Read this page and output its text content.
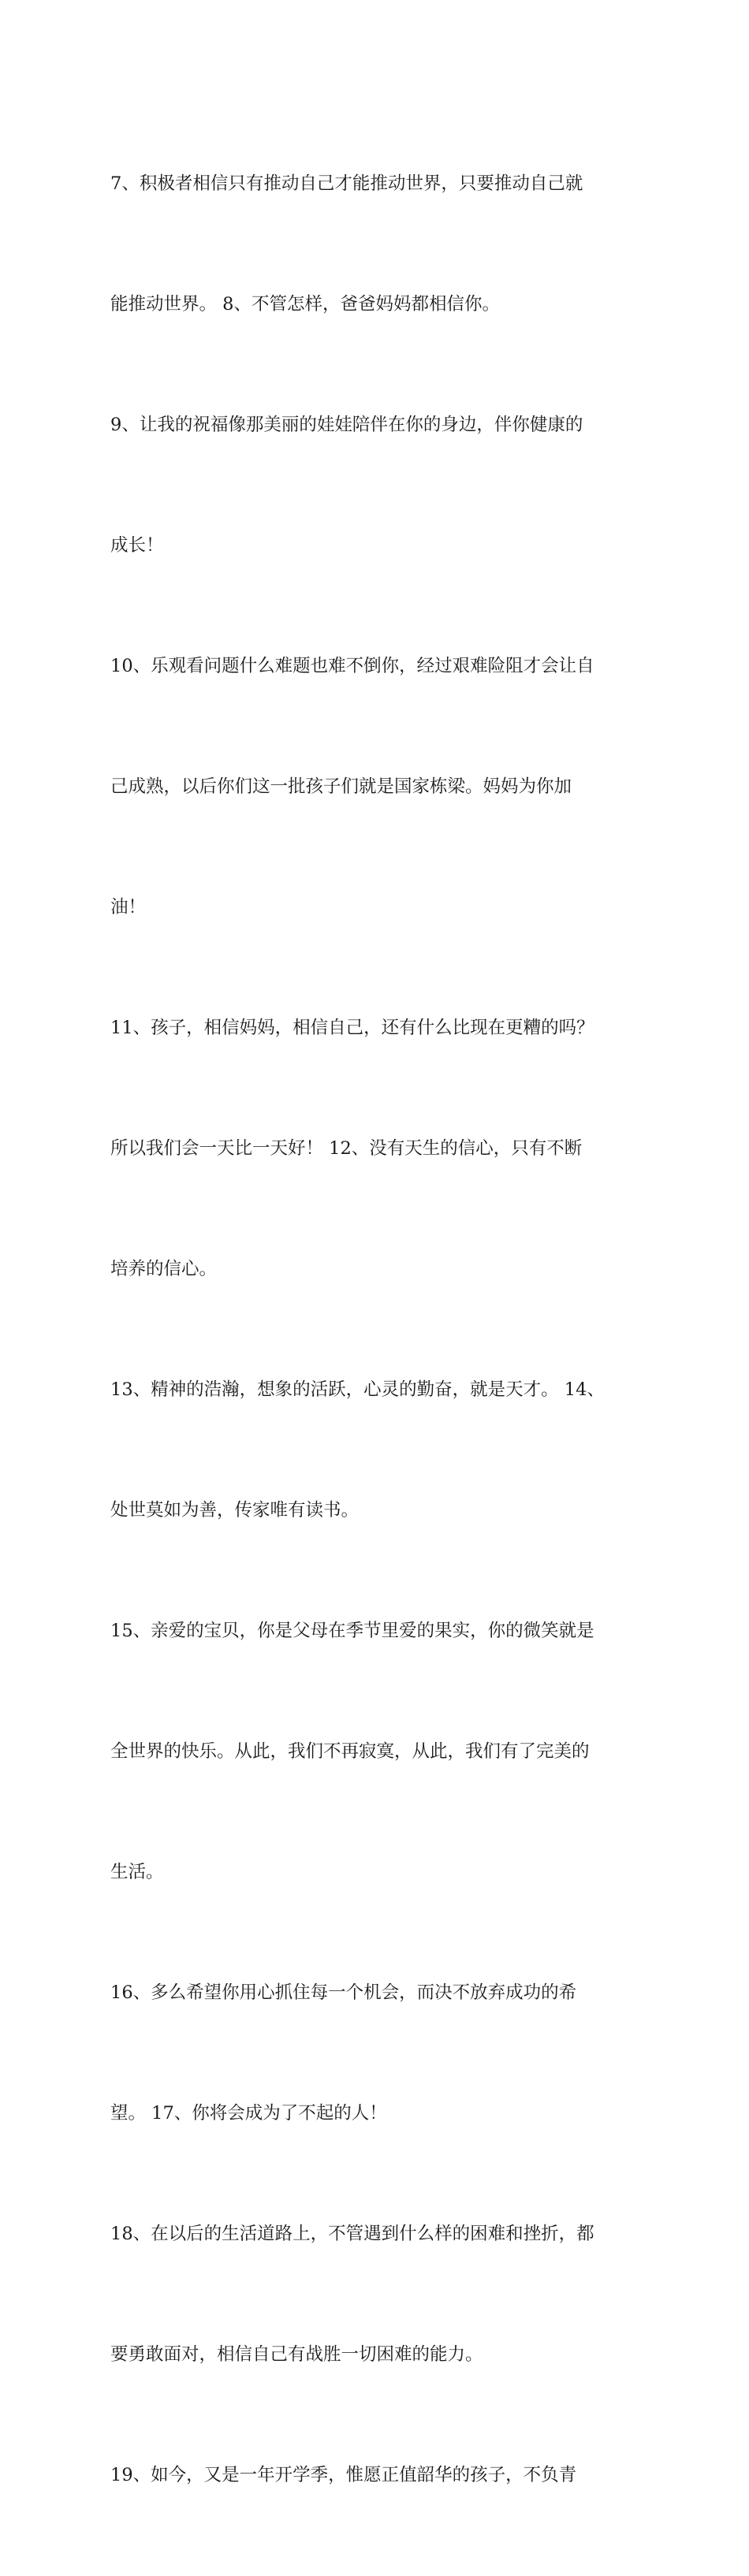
7、积极者相信只有推动自己才能推动世界，只要推动自己就

能推动世界。 8、不管怎样，爸爸妈妈都相信你。

9、让我的祝福像那美丽的娃娃陪伴在你的身边，伴你健康的

成长！

10、乐观看问题什么难题也难不倒你，经过艰难险阻才会让自

己成熟，以后你们这一批孩子们就是国家栋梁。妈妈为你加

油！

11、孩子，相信妈妈，相信自己，还有什么比现在更糟的吗？

所以我们会一天比一天好！ 12、没有天生的信心，只有不断

培养的信心。

13、精神的浩瀚，想象的活跃，心灵的勤奋，就是天才。 14、

处世莫如为善，传家唯有读书。

15、亲爱的宝贝，你是父母在季节里爱的果实，你的微笑就是

全世界的快乐。从此，我们不再寂寞，从此，我们有了完美的

生活。

16、多么希望你用心抓住每一个机会，而决不放弃成功的希

望。 17、你将会成为了不起的人！

18、在以后的生活道路上，不管遇到什么样的困难和挫折，都

要勇敢面对，相信自己有战胜一切困难的能力。

19、如今，又是一年开学季，惟愿正值韶华的孩子，不负青
